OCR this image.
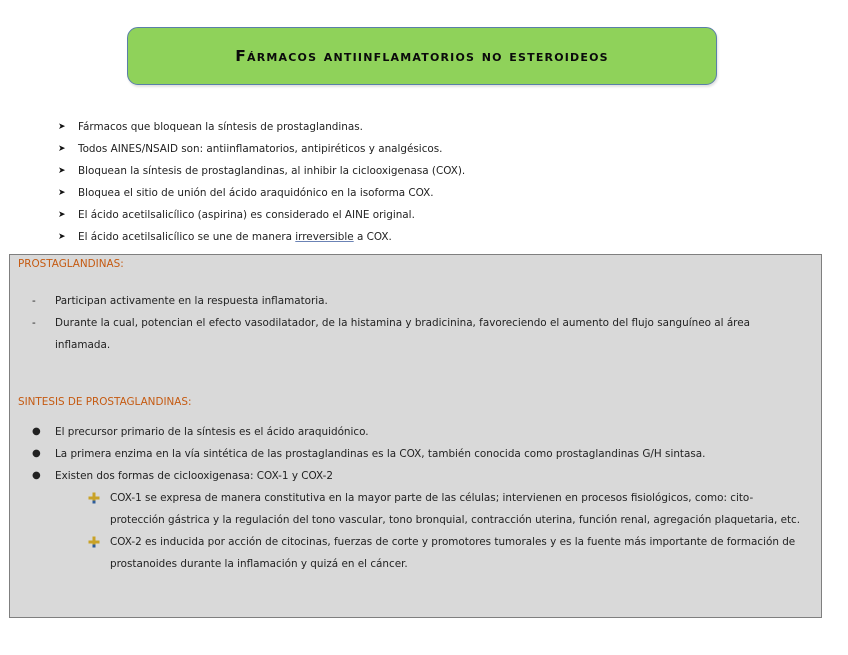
Fármacos antiinflamatorios no esteroideos
➤	Fármacos que bloquean la síntesis de prostaglandinas.
➤	Todos AINES/NSAID son: antiinflamatorios, antipiréticos y analgésicos.
➤	Bloquean la síntesis de prostaglandinas, al inhibir la ciclooxigenasa (COX).
➤	Bloquea el sitio de unión del ácido araquidónico en la isoforma COX.
➤	El ácido acetilsalicílico (aspirina) es considerado el AINE original.
➤	El ácido acetilsalicílico se une de manera irreversible a COX.
PROSTAGLANDINAS:
- Participan activamente en la respuesta inflamatoria.
- Durante la cual, potencian el efecto vasodilatador, de la histamina y bradicinina, favoreciendo el aumento del flujo sanguíneo al área inflamada.
SINTESIS DE PROSTAGLANDINAS:
● El precursor primario de la síntesis es el ácido araquidónico.
● La primera enzima en la vía sintética de las prostaglandinas es la COX, también conocida como prostaglandinas G/H sintasa.
● Existen dos formas de ciclooxigenasa: COX-1 y COX-2
COX-1 se expresa de manera constitutiva en la mayor parte de las células; intervienen en procesos fisiológicos, como: cito-protección gástrica y la regulación del tono vascular, tono bronquial, contracción uterina, función renal, agregación plaquetaria, etc.
COX-2 es inducida por acción de citocinas, fuerzas de corte y promotores tumorales y es la fuente más importante de formación de prostanoides durante la inflamación y quizá en el cáncer.
